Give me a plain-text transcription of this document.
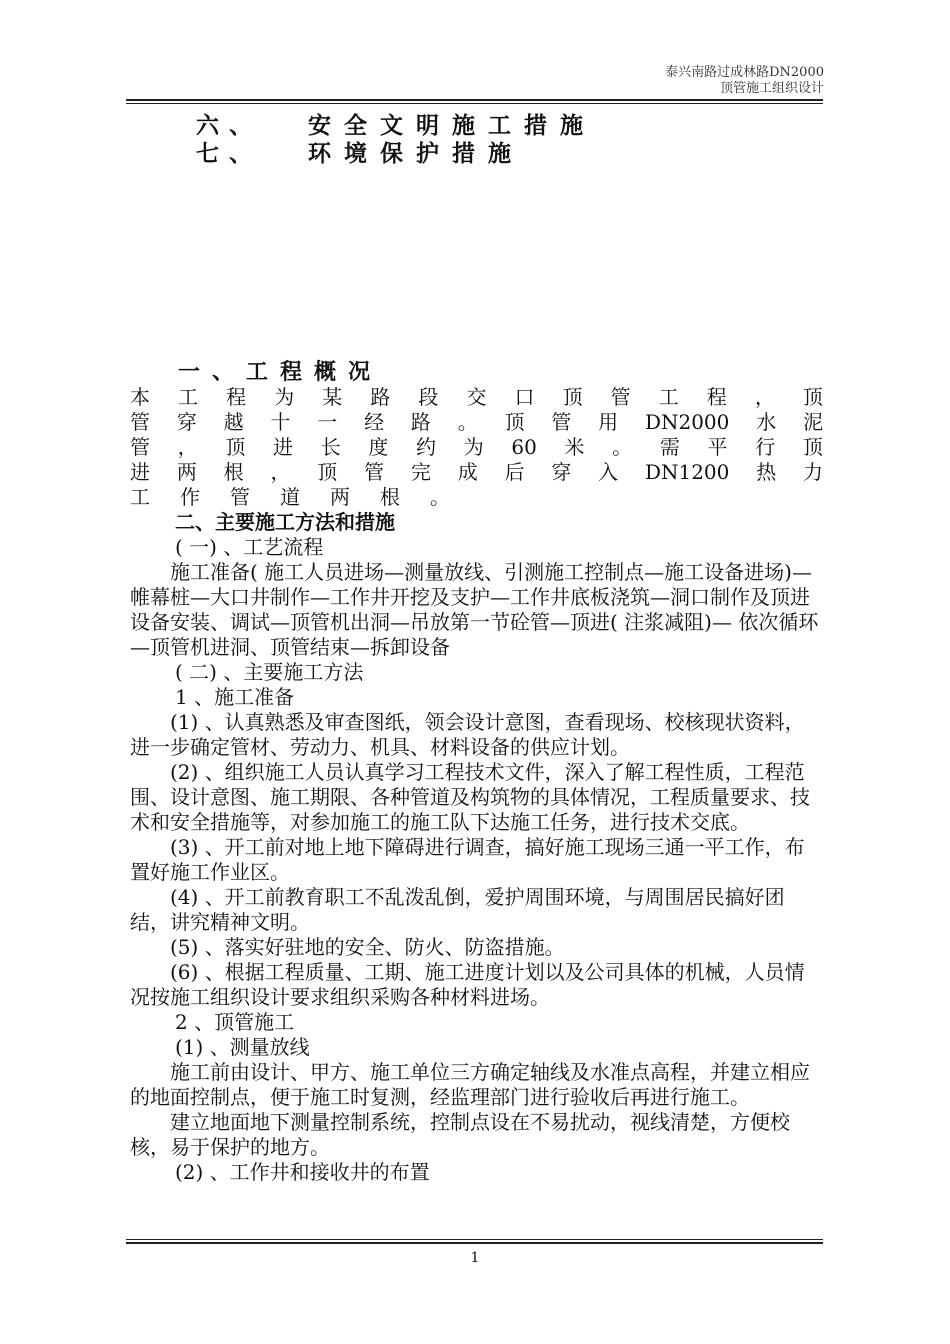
泰兴南路过成林路DN2000
顶管施工组织设计
六、 安全文明施工措施
七、 环境保护措施
一、工程概况
本 工 程 为 某 路 段 交 口 顶 管 工 程 ， 顶
管 穿 越 十 一 经 路 。 顶 管 用 DN2000 水 泥
管 ， 顶 进 长 度 约 为 60 米 。 需 平 行 顶
进 两 根 ， 顶 管 完 成 后 穿 入 DN1200 热 力
工 作 管 道 两 根 。
二、主要施工方法和措施
( 一) 、工艺流程

施工准备( 施工人员进场—测量放线、引测施工控制点—施工设备进场)— 帷幕桩—大口井制作—工作井开挖及支护—工作井底板浇筑—洞口制作及顶进设备安装、调试—顶管机出洞—吊放第一节砼管—顶进( 注浆减阻)— 依次循环—顶管机进洞、顶管结束—拆卸设备

( 二) 、主要施工方法
1 、施工准备

(1) 、认真熟悉及审查图纸，领会设计意图，查看现场、校核现状资料，进一步确定管材、劳动力、机具、材料设备的供应计划。

(2) 、组织施工人员认真学习工程技术文件，深入了解工程性质，工程范围、设计意图、施工期限、各种管道及构筑物的具体情况，工程质量要求、技术和安全措施等，对参加施工的施工队下达施工任务，进行技术交底。

(3) 、开工前对地上地下障碍进行调查，搞好施工现场三通一平工作，布置好施工作业区。

(4) 、开工前教育职工不乱泼乱倒，爱护周围环境，与周围居民搞好团结，讲究精神文明。

(5) 、落实好驻地的安全、防火、防盗措施。

(6) 、根据工程质量、工期、施工进度计划以及公司具体的机械，人员情况按施工组织设计要求组织采购各种材料进场。

2 、顶管施工
(1) 、测量放线

施工前由设计、甲方、施工单位三方确定轴线及水准点高程，并建立相应的地面控制点，便于施工时复测，经监理部门进行验收后再进行施工。

建立地面地下测量控制系统，控制点设在不易扰动，视线清楚，方便校核，易于保护的地方。

(2) 、工作井和接收井的布置
1
